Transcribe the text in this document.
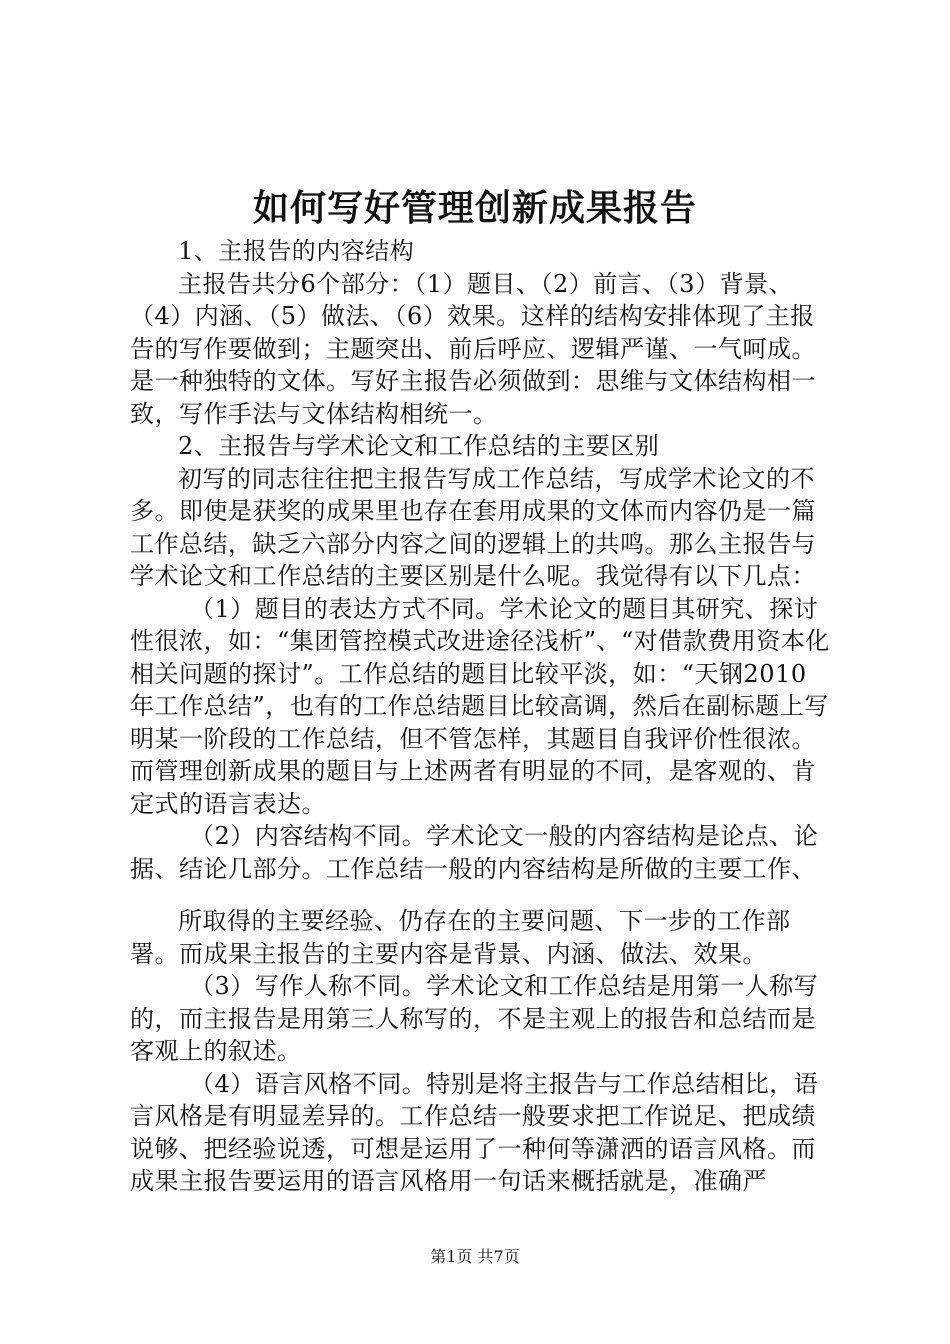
如何写好管理创新成果报告

1、主报告的内容结构

主报告共分6个部分：（1）题目、（2）前言、（3）背景、（4）内涵、（5）做法、（6）效果。这样的结构安排体现了主报告的写作要做到；主题突出、前后呼应、逻辑严谨、一气呵成。是一种独特的文体。写好主报告必须做到：思维与文体结构相一致，写作手法与文体结构相统一。

2、主报告与学术论文和工作总结的主要区别

初写的同志往往把主报告写成工作总结，写成学术论文的不多。即使是获奖的成果里也存在套用成果的文体而内容仍是一篇工作总结，缺乏六部分内容之间的逻辑上的共鸣。那么主报告与学术论文和工作总结的主要区别是什么呢。我觉得有以下几点：

（1）题目的表达方式不同。学术论文的题目其研究、探讨性很浓，如：“集团管控模式改进途径浅析”、“对借款费用资本化相关问题的探讨”。工作总结的题目比较平淡，如：“天钢2010年工作总结”，也有的工作总结题目比较高调，然后在副标题上写明某一阶段的工作总结，但不管怎样，其题目自我评价性很浓。而管理创新成果的题目与上述两者有明显的不同，是客观的、肯定式的语言表达。

（2）内容结构不同。学术论文一般的内容结构是论点、论据、结论几部分。工作总结一般的内容结构是所做的主要工作、

所取得的主要经验、仍存在的主要问题、下一步的工作部署。而成果主报告的主要内容是背景、内涵、做法、效果。

（3）写作人称不同。学术论文和工作总结是用第一人称写的，而主报告是用第三人称写的，不是主观上的报告和总结而是客观上的叙述。

（4）语言风格不同。特别是将主报告与工作总结相比，语言风格是有明显差异的。工作总结一般要求把工作说足、把成绩说够、把经验说透，可想是运用了一种何等潇洒的语言风格。而成果主报告要运用的语言风格用一句话来概括就是，准确严

第1页 共7页
